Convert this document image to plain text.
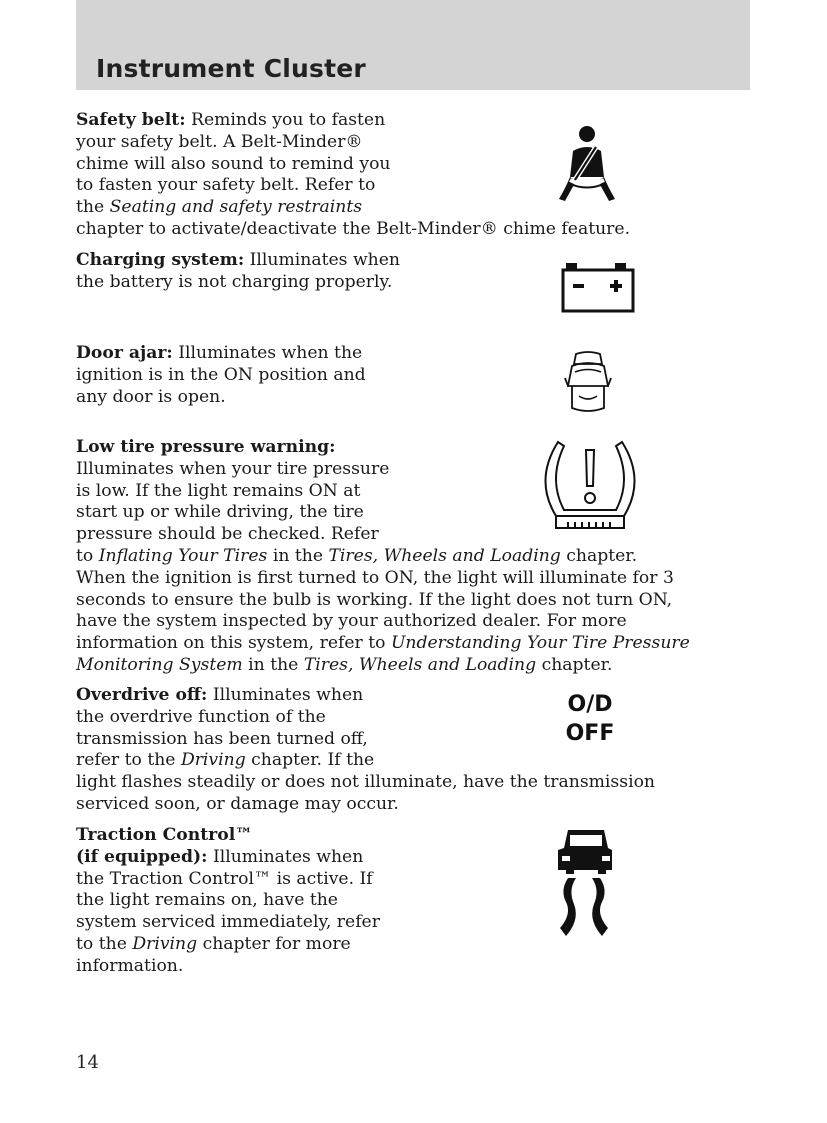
Instrument Cluster
Safety belt: Reminds you to fasten
your safety belt. A Belt-Minder®
chime will also sound to remind you
to fasten your safety belt. Refer to
the Seating and safety restraints
chapter to activate/deactivate the Belt-Minder® chime feature.
Charging system: Illuminates when
the battery is not charging properly.
Door ajar: Illuminates when the
ignition is in the ON position and
any door is open.
Low tire pressure warning:
Illuminates when your tire pressure
is low. If the light remains ON at
start up or while driving, the tire
pressure should be checked. Refer
to Inflating Your Tires in the Tires, Wheels and Loading chapter.
When the ignition is first turned to ON, the light will illuminate for 3
seconds to ensure the bulb is working. If the light does not turn ON,
have the system inspected by your authorized dealer. For more
information on this system, refer to Understanding Your Tire Pressure
Monitoring System in the Tires, Wheels and Loading chapter.
Overdrive off: Illuminates when
the overdrive function of the
transmission has been turned off,
refer to the Driving chapter. If the
light flashes steadily or does not illuminate, have the transmission
serviced soon, or damage may occur.
O/D
OFF
Traction Control™
(if equipped): Illuminates when
the Traction Control™ is active. If
the light remains on, have the
system serviced immediately, refer
to the Driving chapter for more
information.
14
